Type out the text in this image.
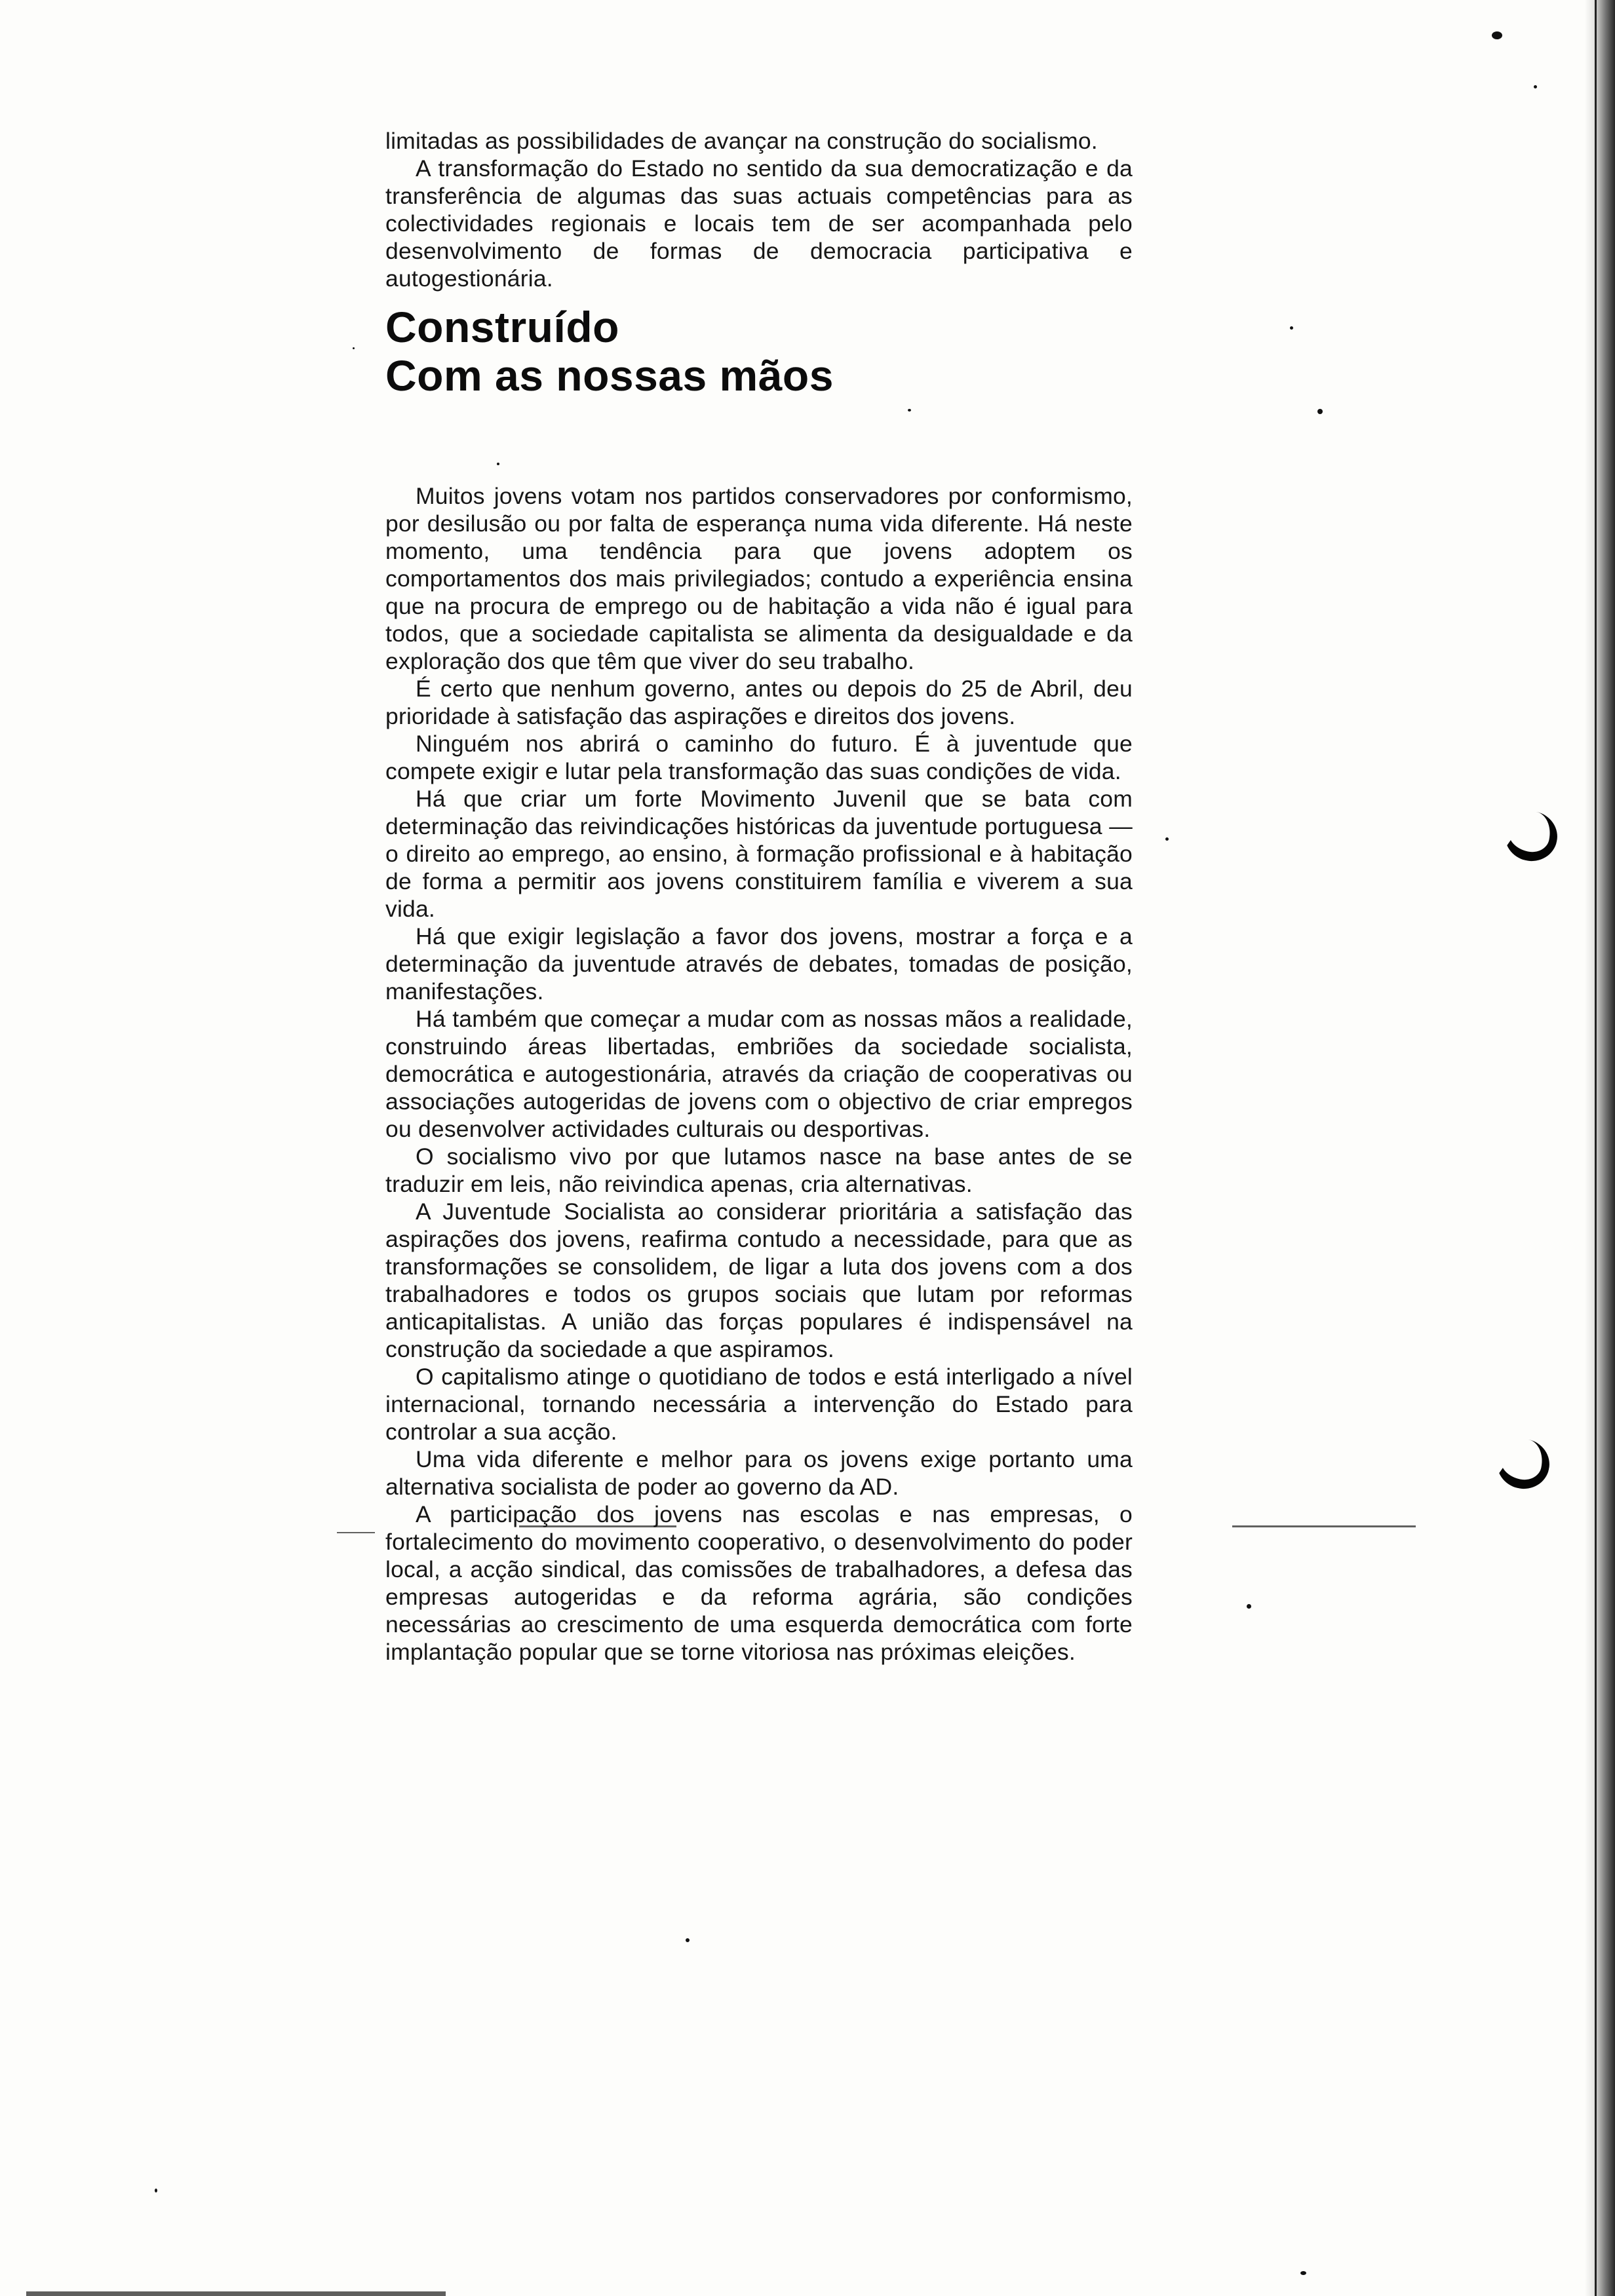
limitadas as possibilidades de avançar na construção do socialismo.

A transformação do Estado no sentido da sua democratização e da transferência de algumas das suas actuais competências para as colectividades regionais e locais tem de ser acompanhada pelo desenvolvimento de formas de democracia participativa e autogestionária.

Construído
Com as nossas mãos

Muitos jovens votam nos partidos conservadores por conformismo, por desilusão ou por falta de esperança numa vida diferente. Há neste momento, uma tendência para que jovens adoptem os comportamentos dos mais privilegiados; contudo a experiência ensina que na procura de emprego ou de habitação a vida não é igual para todos, que a sociedade capitalista se alimenta da desigualdade e da exploração dos que têm que viver do seu trabalho.

É certo que nenhum governo, antes ou depois do 25 de Abril, deu prioridade à satisfação das aspirações e direitos dos jovens.

Ninguém nos abrirá o caminho do futuro. É à juventude que compete exigir e lutar pela transformação das suas condições de vida.

Há que criar um forte Movimento Juvenil que se bata com determinação das reivindicações históricas da juventude portuguesa — o direito ao emprego, ao ensino, à formação profissional e à habitação de forma a permitir aos jovens constituirem família e viverem a sua vida.

Há que exigir legislação a favor dos jovens, mostrar a força e a determinação da juventude através de debates, tomadas de posição, manifestações.

Há também que começar a mudar com as nossas mãos a realidade, construindo áreas libertadas, embriões da sociedade socialista, democrática e autogestionária, através da criação de cooperativas ou associações autogeridas de jovens com o objectivo de criar empregos ou desenvolver actividades culturais ou desportivas.

O socialismo vivo por que lutamos nasce na base antes de se traduzir em leis, não reivindica apenas, cria alternativas.

A Juventude Socialista ao considerar prioritária a satisfação das aspirações dos jovens, reafirma contudo a necessidade, para que as transformações se consolidem, de ligar a luta dos jovens com a dos trabalhadores e todos os grupos sociais que lutam por reformas anticapitalistas. A união das forças populares é indispensável na construção da sociedade a que aspiramos.

O capitalismo atinge o quotidiano de todos e está interligado a nível internacional, tornando necessária a intervenção do Estado para controlar a sua acção.

Uma vida diferente e melhor para os jovens exige portanto uma alternativa socialista de poder ao governo da AD.

A participação dos jovens nas escolas e nas empresas, o fortalecimento do movimento cooperativo, o desenvolvimento do poder local, a acção sindical, das comissões de trabalhadores, a defesa das empresas autogeridas e da reforma agrária, são condições necessárias ao crescimento de uma esquerda democrática com forte implantação popular que se torne vitoriosa nas próximas eleições.
